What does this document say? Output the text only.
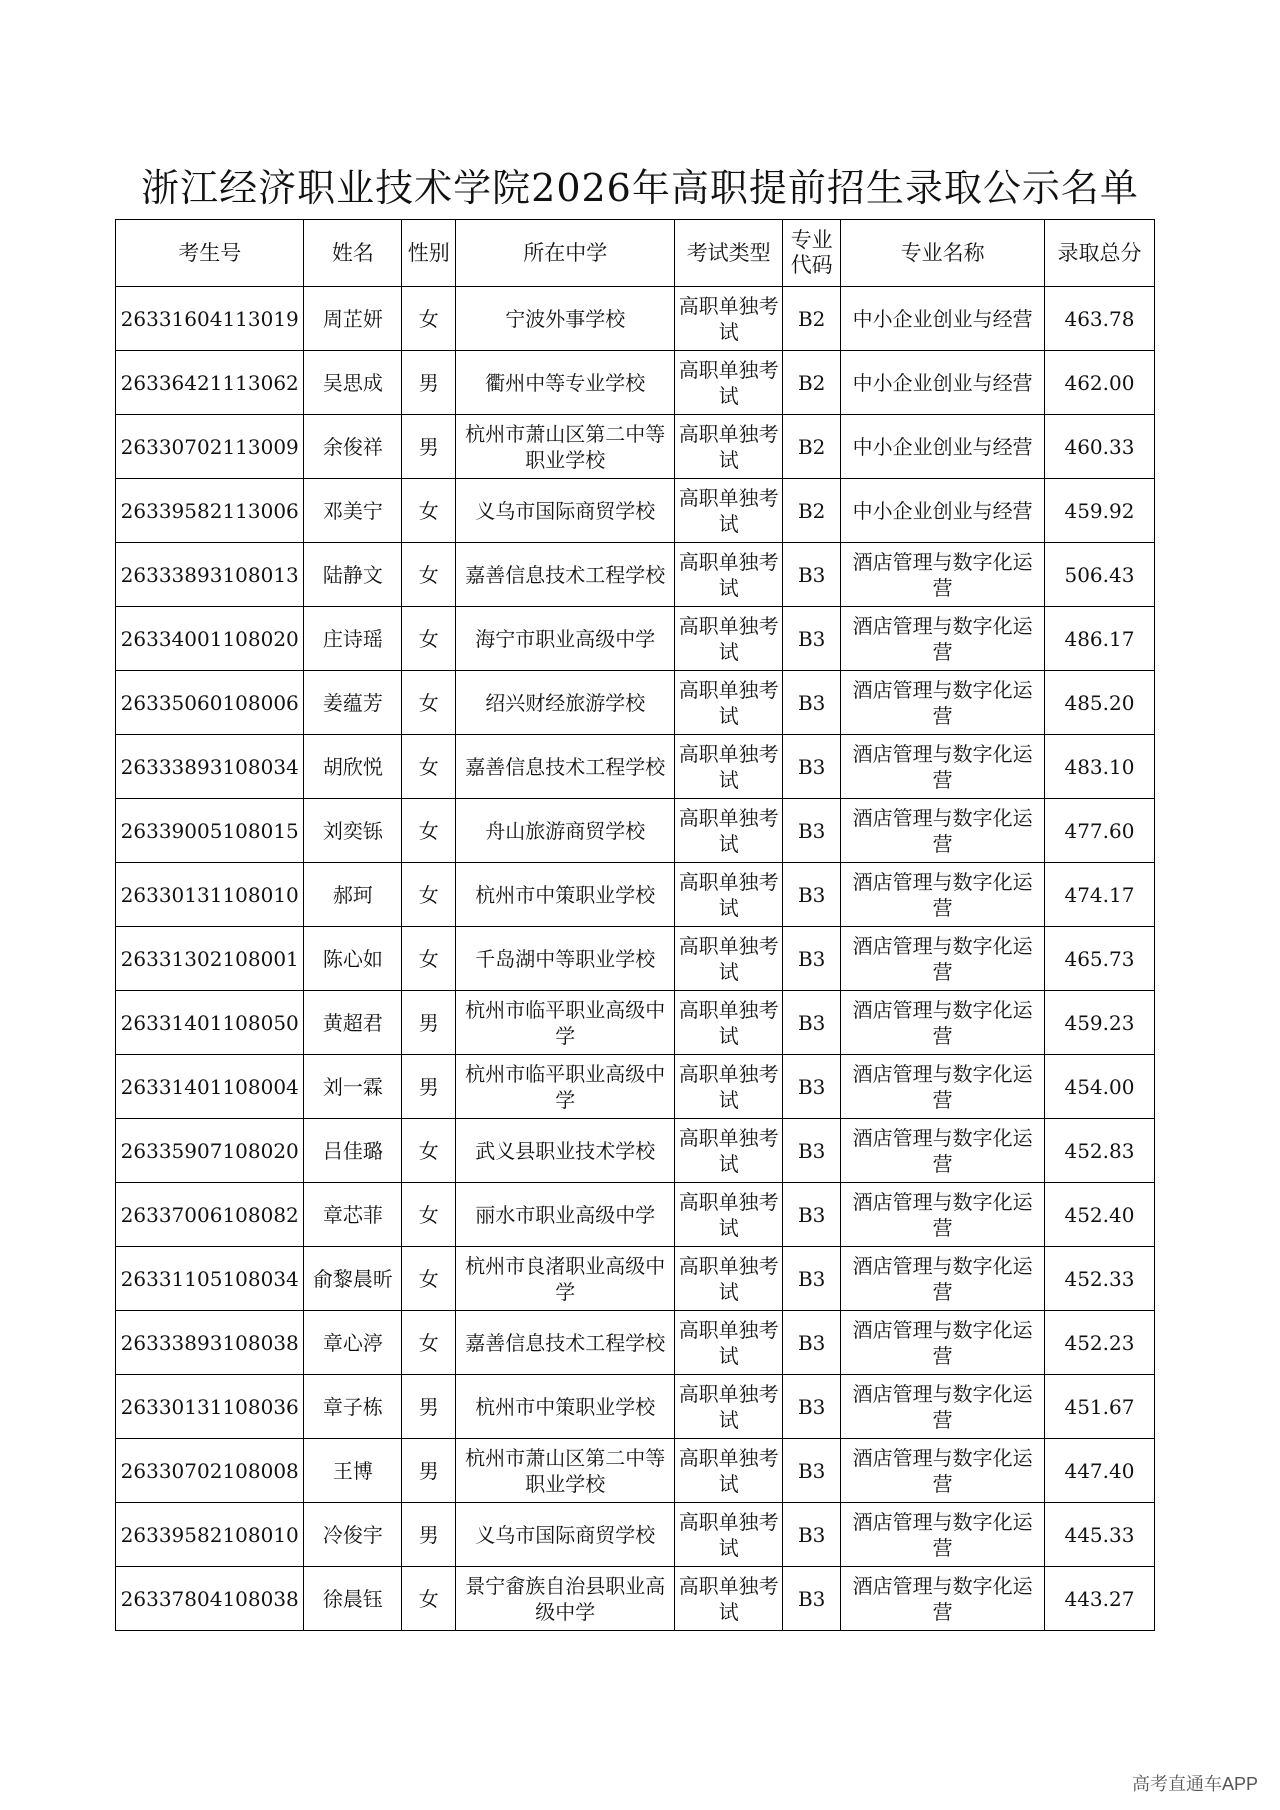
浙江经济职业技术学院2026年高职提前招生录取公示名单
考生号	姓名	性别	所在中学	考试类型	专业代码	专业名称	录取总分
26331604113019	周芷妍	女	宁波外事学校	高职单独考试	B2	中小企业创业与经营	463.78
26336421113062	吴思成	男	衢州中等专业学校	高职单独考试	B2	中小企业创业与经营	462.00
26330702113009	余俊祥	男	杭州市萧山区第二中等职业学校	高职单独考试	B2	中小企业创业与经营	460.33
26339582113006	邓美宁	女	义乌市国际商贸学校	高职单独考试	B2	中小企业创业与经营	459.92
26333893108013	陆静文	女	嘉善信息技术工程学校	高职单独考试	B3	酒店管理与数字化运营	506.43
26334001108020	庄诗瑶	女	海宁市职业高级中学	高职单独考试	B3	酒店管理与数字化运营	486.17
26335060108006	姜蕴芳	女	绍兴财经旅游学校	高职单独考试	B3	酒店管理与数字化运营	485.20
26333893108034	胡欣悦	女	嘉善信息技术工程学校	高职单独考试	B3	酒店管理与数字化运营	483.10
26339005108015	刘奕铄	女	舟山旅游商贸学校	高职单独考试	B3	酒店管理与数字化运营	477.60
26330131108010	郝珂	女	杭州市中策职业学校	高职单独考试	B3	酒店管理与数字化运营	474.17
26331302108001	陈心如	女	千岛湖中等职业学校	高职单独考试	B3	酒店管理与数字化运营	465.73
26331401108050	黄超君	男	杭州市临平职业高级中学	高职单独考试	B3	酒店管理与数字化运营	459.23
26331401108004	刘一霖	男	杭州市临平职业高级中学	高职单独考试	B3	酒店管理与数字化运营	454.00
26335907108020	吕佳璐	女	武义县职业技术学校	高职单独考试	B3	酒店管理与数字化运营	452.83
26337006108082	章芯菲	女	丽水市职业高级中学	高职单独考试	B3	酒店管理与数字化运营	452.40
26331105108034	俞黎晨昕	女	杭州市良渚职业高级中学	高职单独考试	B3	酒店管理与数字化运营	452.33
26333893108038	章心渟	女	嘉善信息技术工程学校	高职单独考试	B3	酒店管理与数字化运营	452.23
26330131108036	章子栋	男	杭州市中策职业学校	高职单独考试	B3	酒店管理与数字化运营	451.67
26330702108008	王博	男	杭州市萧山区第二中等职业学校	高职单独考试	B3	酒店管理与数字化运营	447.40
26339582108010	冷俊宇	男	义乌市国际商贸学校	高职单独考试	B3	酒店管理与数字化运营	445.33
26337804108038	徐晨钰	女	景宁畲族自治县职业高级中学	高职单独考试	B3	酒店管理与数字化运营	443.27
高考直通车APP
